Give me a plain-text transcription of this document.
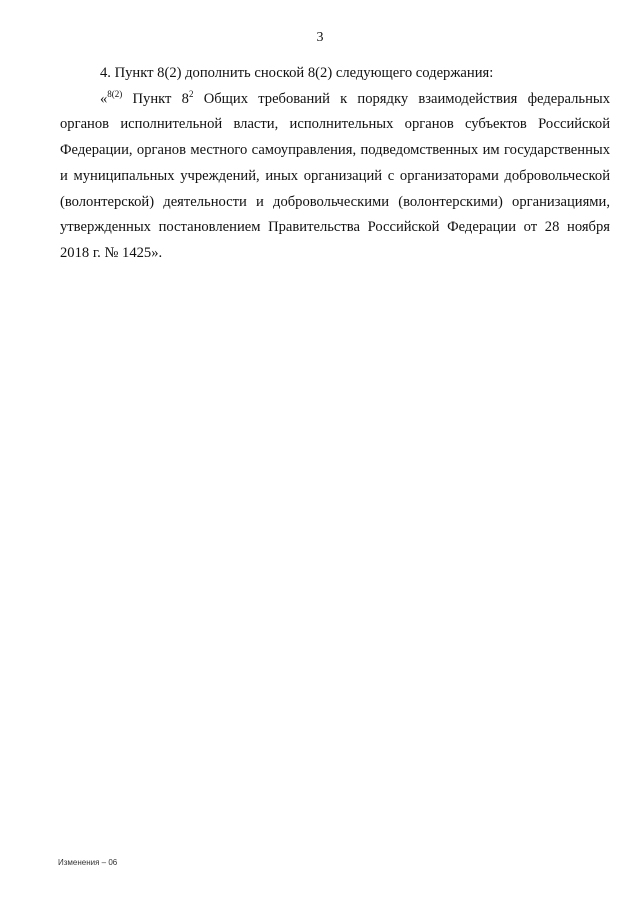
3

4. Пункт 8(2) дополнить сноской 8(2) следующего содержания:

«$^{8(2)}$ Пункт $8^2$ Общих требований к порядку взаимодействия федеральных органов исполнительной власти, исполнительных органов субъектов Российской Федерации, органов местного самоуправления, подведомственных им государственных и муниципальных учреждений, иных организаций с организаторами добровольческой (волонтерской) деятельности и добровольческими (волонтерскими) организациями, утвержденных постановлением Правительства Российской Федерации от 28 ноября 2018 г. № 1425».

Изменения – 06
